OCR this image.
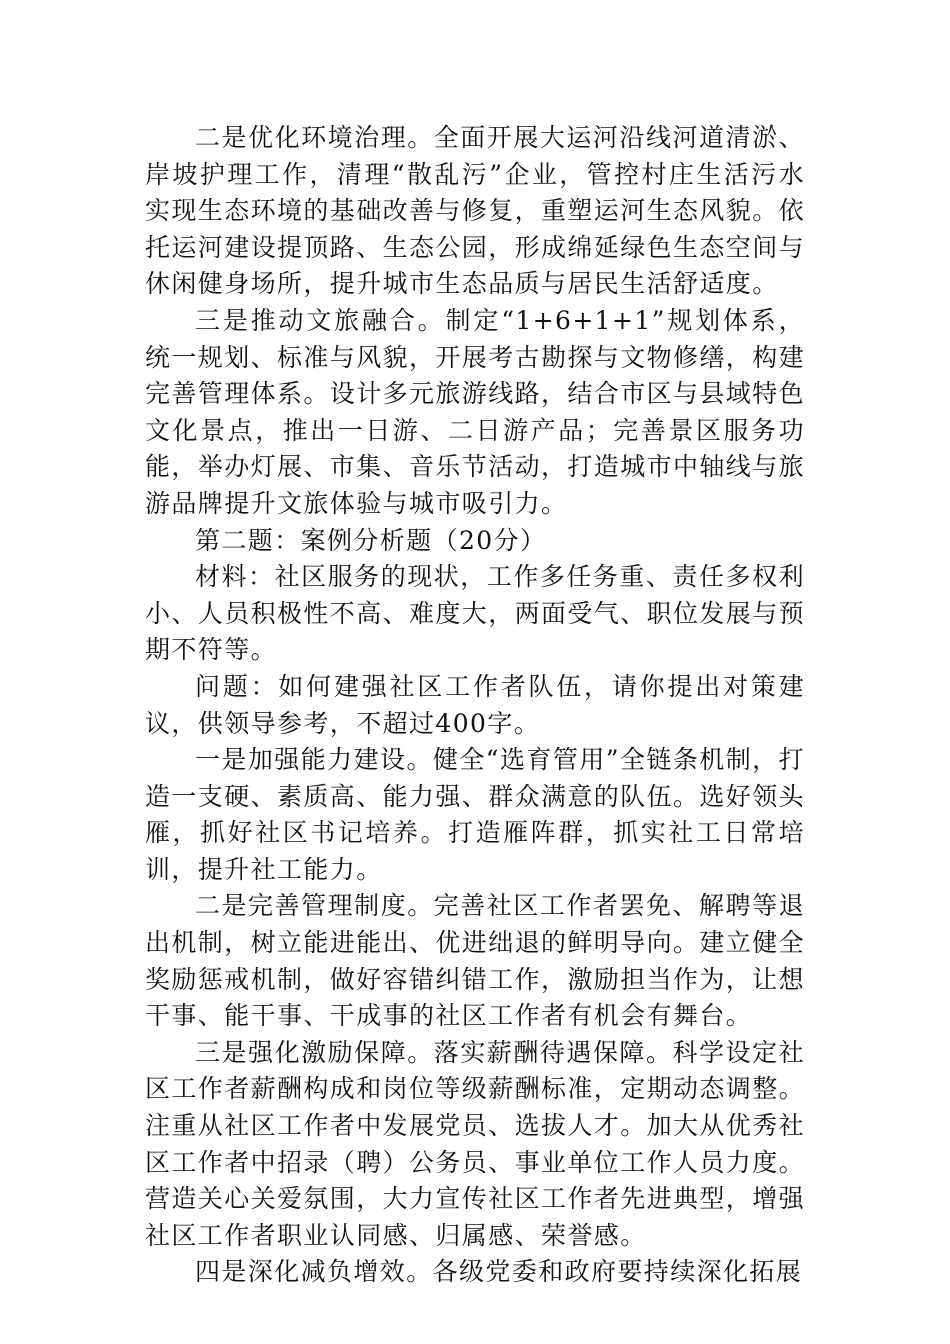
二是优化环境治理。全面开展大运河沿线河道清淤、岸坡护理工作，清理“散乱污”企业，管控村庄生活污水实现生态环境的基础改善与修复，重塑运河生态风貌。依托运河建设提顶路、生态公园，形成绵延绿色生态空间与休闲健身场所，提升城市生态品质与居民生活舒适度。

三是推动文旅融合。制定“1+6+1+1”规划体系，统一规划、标准与风貌，开展考古勘探与文物修缮，构建完善管理体系。设计多元旅游线路，结合市区与县域特色文化景点，推出一日游、二日游产品；完善景区服务功能，举办灯展、市集、音乐节活动，打造城市中轴线与旅游品牌提升文旅体验与城市吸引力。

第二题：案例分析题（20分）

材料：社区服务的现状，工作多任务重、责任多权利小、人员积极性不高、难度大，两面受气、职位发展与预期不符等。

问题：如何建强社区工作者队伍，请你提出对策建议，供领导参考，不超过400字。

一是加强能力建设。健全“选育管用”全链条机制，打造一支硬、素质高、能力强、群众满意的队伍。选好领头雁，抓好社区书记培养。打造雁阵群，抓实社工日常培训，提升社工能力。

二是完善管理制度。完善社区工作者罢免、解聘等退出机制，树立能进能出、优进绌退的鲜明导向。建立健全奖励惩戒机制，做好容错纠错工作，激励担当作为，让想干事、能干事、干成事的社区工作者有机会有舞台。

三是强化激励保障。落实薪酬待遇保障。科学设定社区工作者薪酬构成和岗位等级薪酬标准，定期动态调整。注重从社区工作者中发展党员、选拔人才。加大从优秀社区工作者中招录（聘）公务员、事业单位工作人员力度。营造关心关爱氛围，大力宣传社区工作者先进典型，增强社区工作者职业认同感、归属感、荣誉感。

四是深化减负增效。各级党委和政府要持续深化拓展
